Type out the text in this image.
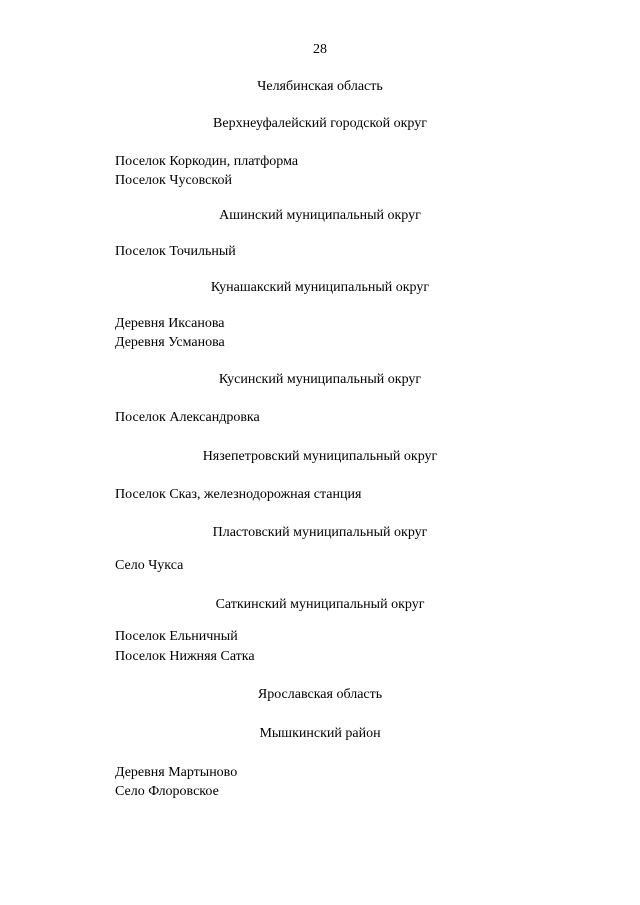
28
Челябинская область
Верхнеуфалейский городской округ
Поселок Коркодин, платформа
Поселок Чусовской
Ашинский муниципальный округ
Поселок Точильный
Кунашакский муниципальный округ
Деревня Иксанова
Деревня Усманова
Кусинский муниципальный округ
Поселок Александровка
Нязепетровский муниципальный округ
Поселок Сказ, железнодорожная станция
Пластовский муниципальный округ
Село Чукса
Саткинский муниципальный округ
Поселок Ельничный
Поселок Нижняя Сатка
Ярославская область
Мышкинский район
Деревня Мартыново
Село Флоровское
